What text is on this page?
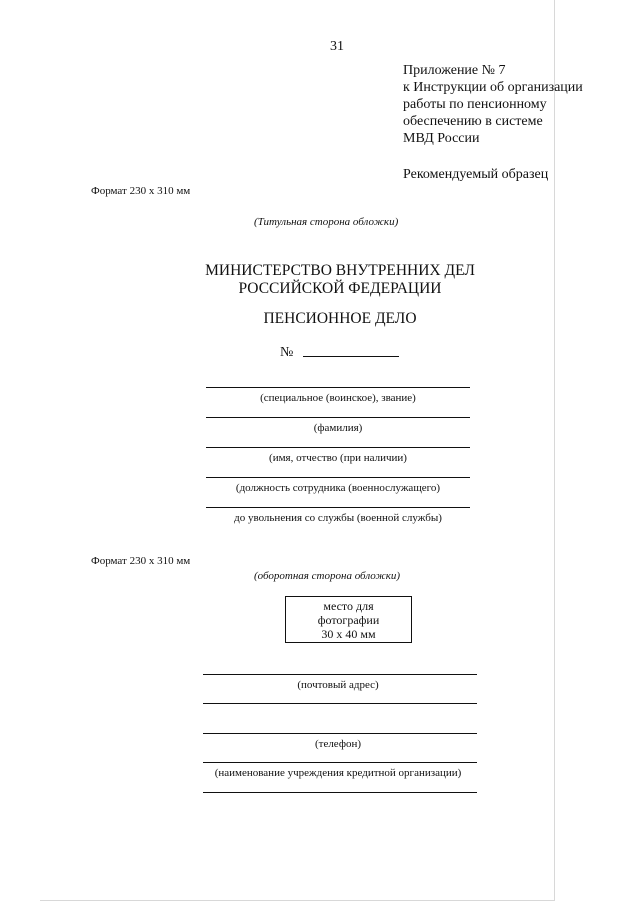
31
Приложение № 7
к Инструкции об организации
работы по пенсионному
обеспечению в системе
МВД России
Рекомендуемый образец
Формат 230 х 310 мм
(Титульная сторона обложки)
МИНИСТЕРСТВО ВНУТРЕННИХ ДЕЛ
РОССИЙСКОЙ ФЕДЕРАЦИИ
ПЕНСИОННОЕ ДЕЛО
№
(специальное (воинское), звание)
(фамилия)
(имя, отчество (при наличии)
(должность сотрудника (военнослужащего)
до увольнения со службы (военной службы)
Формат 230 х 310 мм
(оборотная сторона обложки)
место для
фотографии
30 х 40 мм
(почтовый адрес)
(телефон)
(наименование учреждения кредитной организации)
